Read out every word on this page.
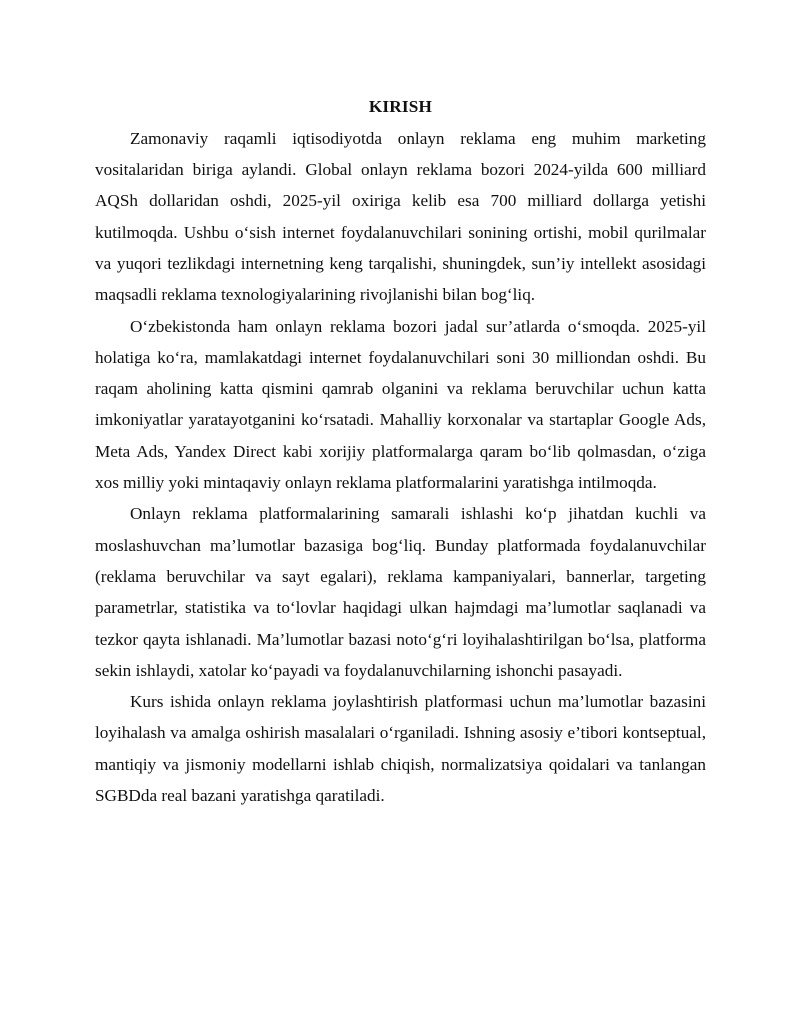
KIRISH

Zamonaviy raqamli iqtisodiyotda onlayn reklama eng muhim marketing vositalaridan biriga aylandi. Global onlayn reklama bozori 2024-yilda 600 milliard AQSh dollaridan oshdi, 2025-yil oxiriga kelib esa 700 milliard dollarga yetishi kutilmoqda. Ushbu o‘sish internet foydalanuvchilari sonining ortishi, mobil qurilmalar va yuqori tezlikdagi internetning keng tarqalishi, shuningdek, sun’iy intellekt asosidagi maqsadli reklama texnologiyalarining rivojlanishi bilan bog‘liq.

O‘zbekistonda ham onlayn reklama bozori jadal sur’atlarda o‘smoqda. 2025-yil holatiga ko‘ra, mamlakatdagi internet foydalanuvchilari soni 30 milliondan oshdi. Bu raqam aholining katta qismini qamrab olganini va reklama beruvchilar uchun katta imkoniyatlar yaratayotganini ko‘rsatadi. Mahalliy korxonalar va startaplar Google Ads, Meta Ads, Yandex Direct kabi xorijiy platformalarga qaram bo‘lib qolmasdan, o‘ziga xos milliy yoki mintaqaviy onlayn reklama platformalarini yaratishga intilmoqda.

Onlayn reklama platformalarining samarali ishlashi ko‘p jihatdan kuchli va moslashuvchan ma’lumotlar bazasiga bog‘liq. Bunday platformada foydalanuvchilar (reklama beruvchilar va sayt egalari), reklama kampaniyalari, bannerlar, targeting parametrlar, statistika va to‘lovlar haqidagi ulkan hajmdagi ma’lumotlar saqlanadi va tezkor qayta ishlanadi. Ma’lumotlar bazasi noto‘g‘ri loyihalashtirilgan bo‘lsa, platforma sekin ishlaydi, xatolar ko‘payadi va foydalanuvchilarning ishonchi pasayadi.

Kurs ishida onlayn reklama joylashtirish platformasi uchun ma’lumotlar bazasini loyihalash va amalga oshirish masalalari o‘rganiladi. Ishning asosiy e’tibori kontseptual, mantiqiy va jismoniy modellarni ishlab chiqish, normalizatsiya qoidalari va tanlangan SGBDda real bazani yaratishga qaratiladi.
